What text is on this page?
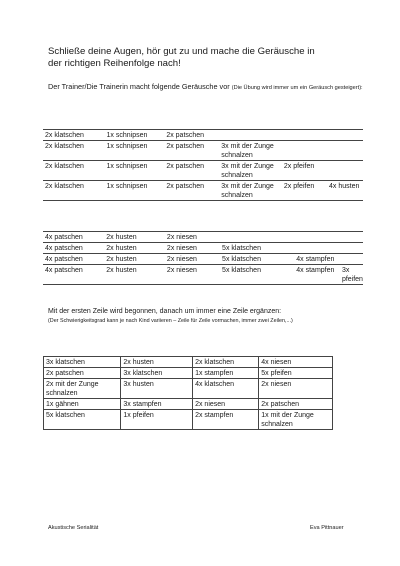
Schließe deine Augen, hör gut zu und mache die Geräusche in
der richtigen Reihenfolge nach!
Der Trainer/Die Trainerin macht folgende Geräusche vor (Die Übung wird immer um ein Geräusch gesteigert):
2x klatschen	1x schnipsen	2x patschen			
2x klatschen	1x schnipsen	2x patschen	3x mit der Zunge schnalzen		
2x klatschen	1x schnipsen	2x patschen	3x mit der Zunge schnalzen	2x pfeifen	
2x klatschen	1x schnipsen	2x patschen	3x mit der Zunge schnalzen	2x pfeifen	4x husten
4x patschen	2x husten	2x niesen			
4x patschen	2x husten	2x niesen	5x klatschen		
4x patschen	2x husten	2x niesen	5x klatschen	4x stampfen	
4x patschen	2x husten	2x niesen	5x klatschen	4x stampfen	3x pfeifen
Mit der ersten Zeile wird begonnen, danach um immer eine Zeile ergänzen:
(Der Schwierigkeitsgrad kann je nach Kind variieren – Zeile für Zeile vormachen, immer zwei Zeilen,...)
3x klatschen	2x husten	2x klatschen	4x niesen
2x patschen	3x klatschen	1x stampfen	5x pfeifen
2x mit der Zunge schnalzen	3x husten	4x klatschen	2x niesen
1x gähnen	3x stampfen	2x niesen	2x patschen
5x klatschen	1x pfeifen	2x stampfen	1x mit der Zunge schnalzen
Akustische Serialität	Eva Pittnauer
